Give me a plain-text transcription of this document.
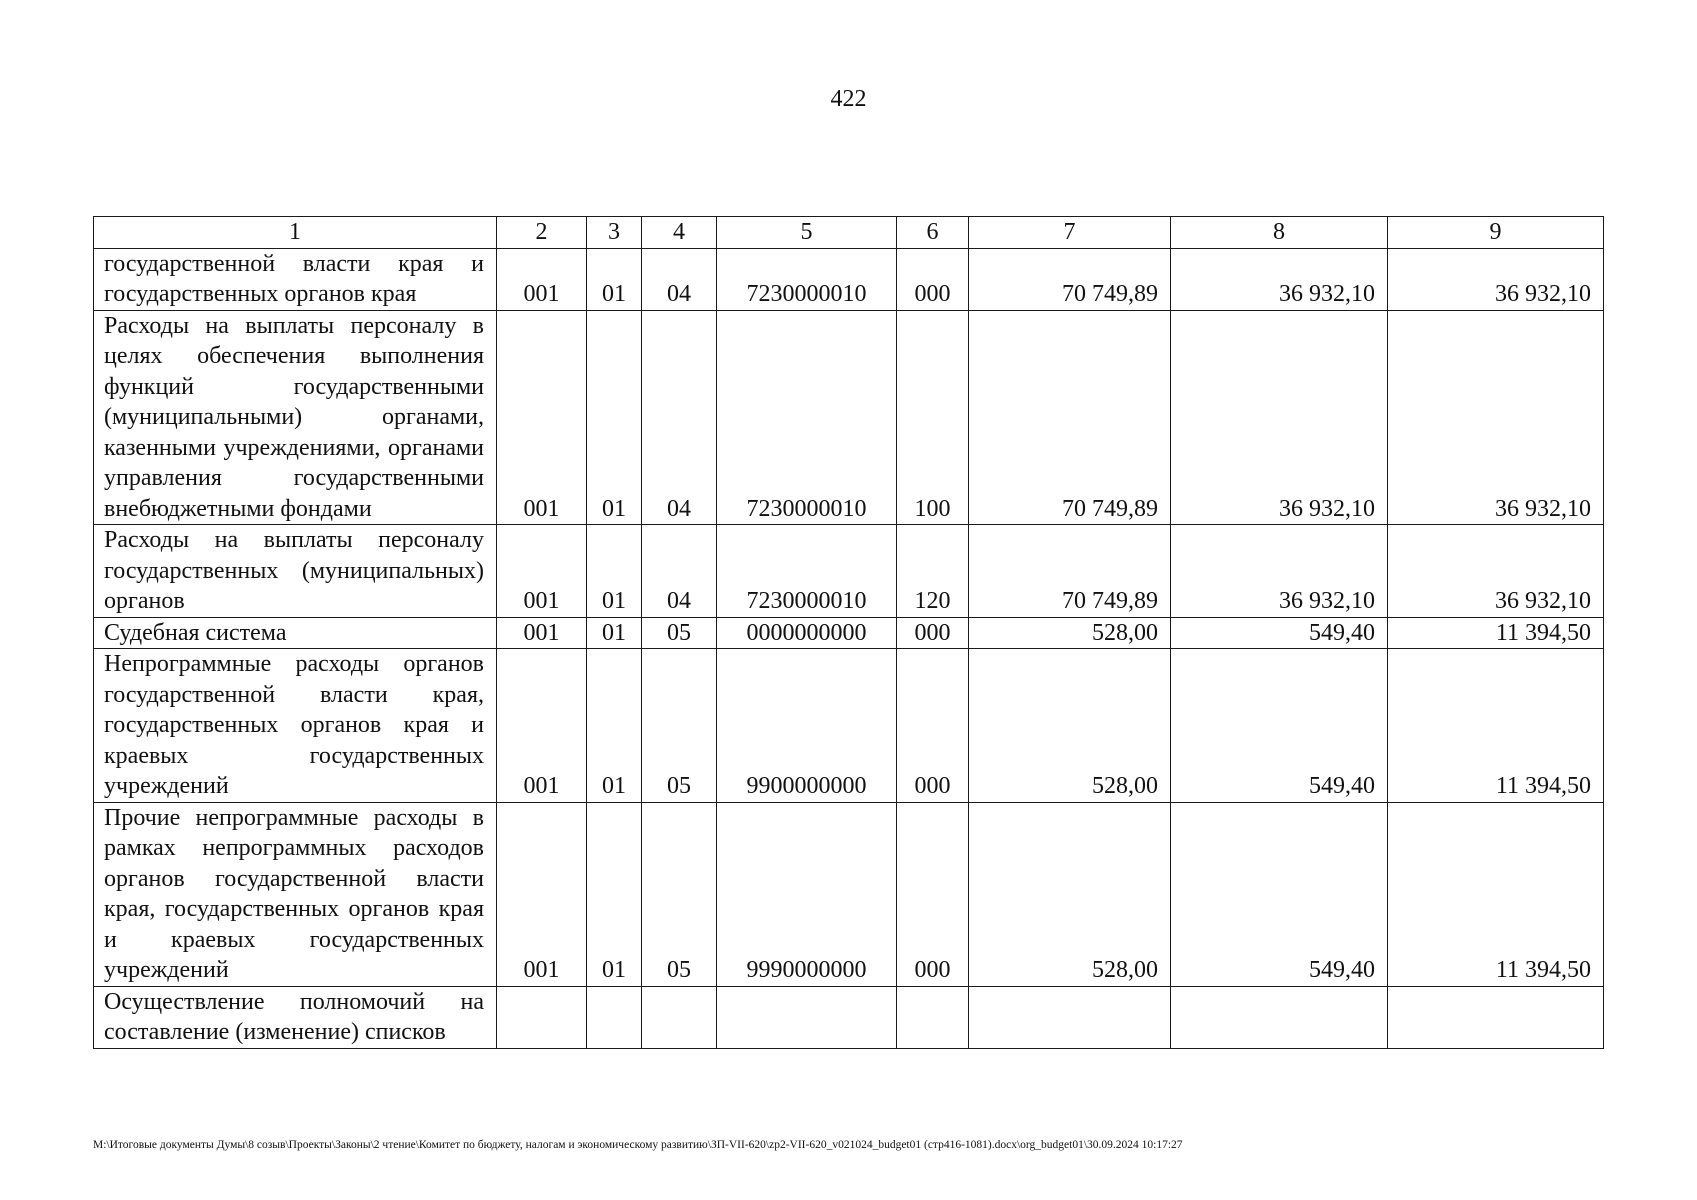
422
1	2	3	4	5	6	7	8	9
государственной власти края и государственных органов края	001	01	04	7230000010	000	70 749,89	36 932,10	36 932,10
Расходы на выплаты персоналу в целях обеспечения выполнения функций государственными (муниципальными) органами, казенными учреждениями, органами управления государственными внебюджетными фондами	001	01	04	7230000010	100	70 749,89	36 932,10	36 932,10
Расходы на выплаты персоналу государственных (муниципальных) органов	001	01	04	7230000010	120	70 749,89	36 932,10	36 932,10
Судебная система	001	01	05	0000000000	000	528,00	549,40	11 394,50
Непрограммные расходы органов государственной власти края, государственных органов края и краевых государственных учреждений	001	01	05	9900000000	000	528,00	549,40	11 394,50
Прочие непрограммные расходы в рамках непрограммных расходов органов государственной власти края, государственных органов края и краевых государственных учреждений	001	01	05	9990000000	000	528,00	549,40	11 394,50
Осуществление полномочий на составление (изменение) списков								
M:\Итоговые документы Думы\8 созыв\Проекты\Законы\2 чтение\Комитет по бюджету, налогам и экономическому развитию\ЗП-VII-620\zp2-VII-620_v021024_budget01 (стр416-1081).docx\org_budget01\30.09.2024 10:17:27
